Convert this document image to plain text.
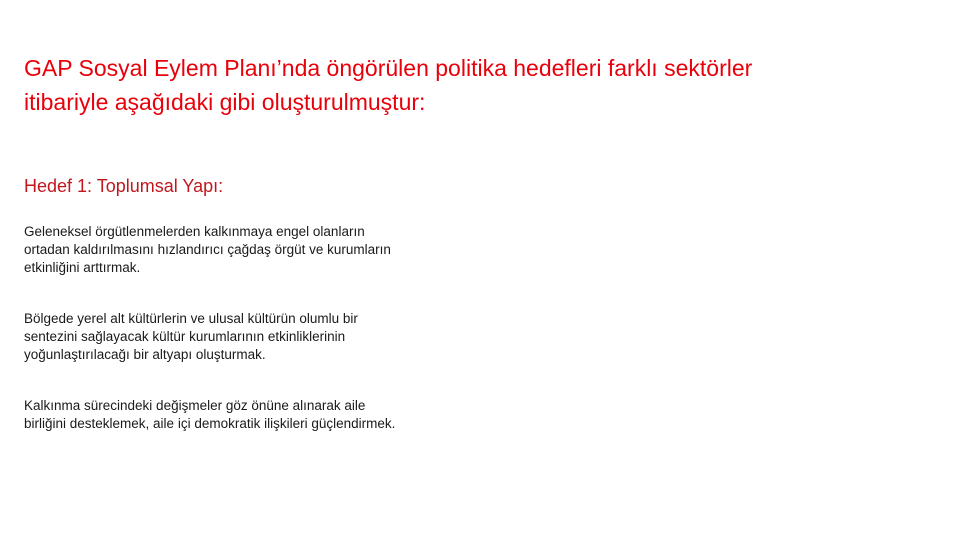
GAP Sosyal Eylem Planı’nda öngörülen politika hedefleri farklı sektörler
itibariyle aşağıdaki gibi oluşturulmuştur:
Hedef 1: Toplumsal Yapı:

Geleneksel örgütlenmelerden kalkınmaya engel olanların
ortadan kaldırılmasını hızlandırıcı çağdaş örgüt ve kurumların
etkinliğini arttırmak.

Bölgede yerel alt kültürlerin ve ulusal kültürün olumlu bir
sentezini sağlayacak kültür kurumlarının etkinliklerinin
yoğunlaştırılacağı bir altyapı oluşturmak.

Kalkınma sürecindeki değişmeler göz önüne alınarak aile
birliğini desteklemek, aile içi demokratik ilişkileri güçlendirmek.
